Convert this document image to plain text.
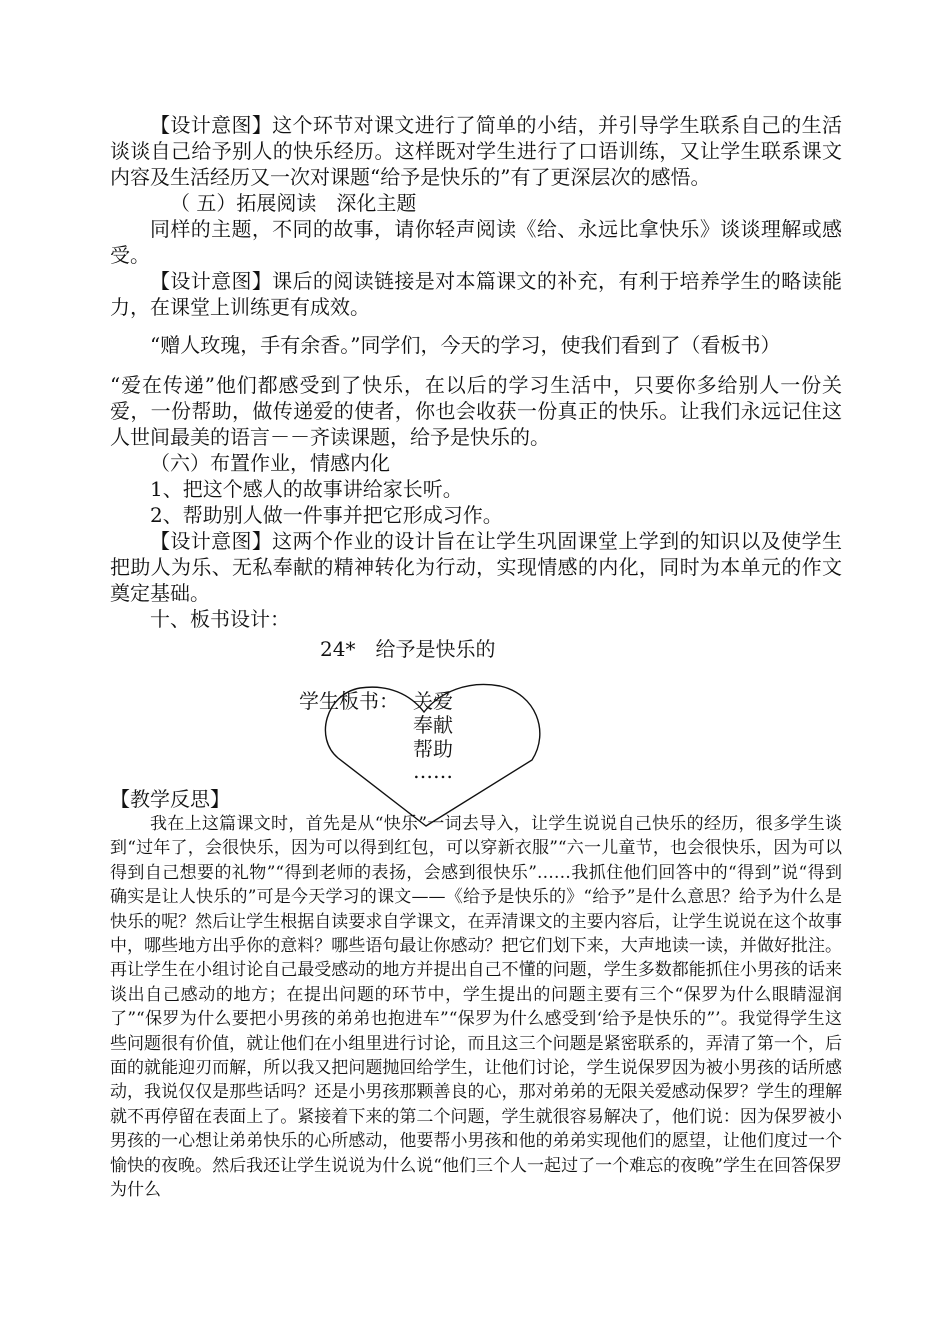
【设计意图】这个环节对课文进行了简单的小结，并引导学生联系自己的生活谈谈自己给予别人的快乐经历。这样既对学生进行了口语训练，又让学生联系课文内容及生活经历又一次对课题“给予是快乐的”有了更深层次的感悟。

（ 五）拓展阅读　深化主题

同样的主题，不同的故事，请你轻声阅读《给、永远比拿快乐》谈谈理解或感受。

【设计意图】课后的阅读链接是对本篇课文的补充，有利于培养学生的略读能力，在课堂上训练更有成效。

“赠人玫瑰，手有余香。”同学们，今天的学习，使我们看到了（看板书）

“爱在传递”他们都感受到了快乐，在以后的学习生活中，只要你多给别人一份关爱，一份帮助，做传递爱的使者，你也会收获一份真正的快乐。让我们永远记住这人世间最美的语言－－齐读课题，给予是快乐的。

（六）布置作业，情感内化

1、把这个感人的故事讲给家长听。

2、帮助别人做一件事并把它形成习作。

【设计意图】这两个作业的设计旨在让学生巩固课堂上学到的知识以及使学生把助人为乐、无私奉献的精神转化为行动，实现情感的内化，同时为本单元的作文奠定基础。

十、板书设计：

24*　给予是快乐的
学生板书： 关爱
奉献
帮助
……
【教学反思】

我在上这篇课文时，首先是从“快乐”一词去导入，让学生说说自己快乐的经历，很多学生谈到“过年了，会很快乐，因为可以得到红包，可以穿新衣服”“六一儿童节，也会很快乐，因为可以得到自己想要的礼物”“得到老师的表扬，会感到很快乐”……我抓住他们回答中的“得到”说“得到确实是让人快乐的”可是今天学习的课文——《给予是快乐的》“给予”是什么意思？给予为什么是快乐的呢？然后让学生根据自读要求自学课文，在弄清课文的主要内容后，让学生说说在这个故事中，哪些地方出乎你的意料？哪些语句最让你感动？把它们划下来，大声地读一读，并做好批注。再让学生在小组讨论自己最受感动的地方并提出自己不懂的问题，学生多数都能抓住小男孩的话来谈出自己感动的地方；在提出问题的环节中，学生提出的问题主要有三个“保罗为什么眼睛湿润了”“保罗为什么要把小男孩的弟弟也抱进车”“保罗为什么感受到‘给予是快乐的”’。我觉得学生这些问题很有价值，就让他们在小组里进行讨论，而且这三个问题是紧密联系的，弄清了第一个，后面的就能迎刃而解，所以我又把问题抛回给学生，让他们讨论，学生说保罗因为被小男孩的话所感动，我说仅仅是那些话吗？还是小男孩那颗善良的心，那对弟弟的无限关爱感动保罗？学生的理解就不再停留在表面上了。紧接着下来的第二个问题，学生就很容易解决了，他们说：因为保罗被小男孩的一心想让弟弟快乐的心所感动，他要帮小男孩和他的弟弟实现他们的愿望，让他们度过一个愉快的夜晚。然后我还让学生说说为什么说“他们三个人一起过了一个难忘的夜晚”学生在回答保罗为什么
